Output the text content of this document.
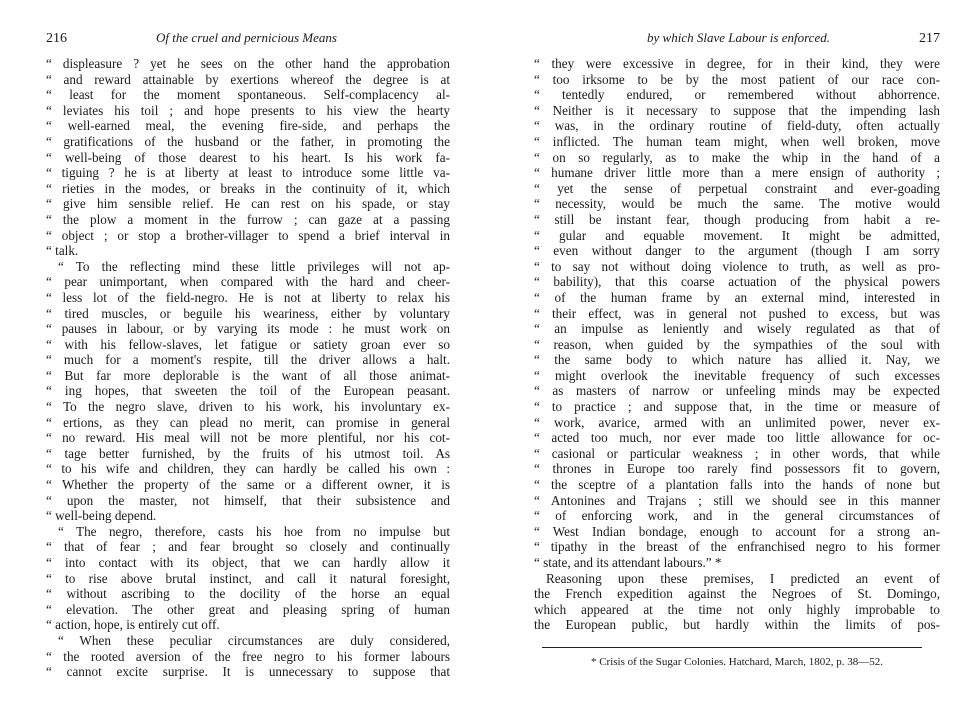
216	Of the cruel and pernicious Means
“ displeasure ? yet he sees on the other hand the approbation
“ and reward attainable by exertions whereof the degree is at
“ least for the moment spontaneous. Self-complacency al-
“ leviates his toil ; and hope presents to his view the hearty
“ well-earned meal, the evening fire-side, and perhaps the
“ gratifications of the husband or the father, in promoting the
“ well-being of those dearest to his heart. Is his work fa-
“ tiguing ? he is at liberty at least to introduce some little va-
“ rieties in the modes, or breaks in the continuity of it, which
“ give him sensible relief. He can rest on his spade, or stay
“ the plow a moment in the furrow ; can gaze at a passing
“ object ; or stop a brother-villager to spend a brief interval in
“ talk.
“ To the reflecting mind these little privileges will not ap-
“ pear unimportant, when compared with the hard and cheer-
“ less lot of the field-negro. He is not at liberty to relax his
“ tired muscles, or beguile his weariness, either by voluntary
“ pauses in labour, or by varying its mode : he must work on
“ with his fellow-slaves, let fatigue or satiety groan ever so
“ much for a moment's respite, till the driver allows a halt.
“ But far more deplorable is the want of all those animat-
“ ing hopes, that sweeten the toil of the European peasant.
“ To the negro slave, driven to his work, his involuntary ex-
“ ertions, as they can plead no merit, can promise in general
“ no reward. His meal will not be more plentiful, nor his cot-
“ tage better furnished, by the fruits of his utmost toil. As
“ to his wife and children, they can hardly be called his own :
“ Whether the property of the same or a different owner, it is
“ upon the master, not himself, that their subsistence and
“ well-being depend.
“ The negro, therefore, casts his hoe from no impulse but
“ that of fear ; and fear brought so closely and continually
“ into contact with its object, that we can hardly allow it
“ to rise above brutal instinct, and call it natural foresight,
“ without ascribing to the docility of the horse an equal
“ elevation. The other great and pleasing spring of human
“ action, hope, is entirely cut off.
“ When these peculiar circumstances are duly considered,
“ the rooted aversion of the free negro to his former labours
“ cannot excite surprise. It is unnecessary to suppose that
by which Slave Labour is enforced.	217
“ they were excessive in degree, for in their kind, they were
“ too irksome to be by the most patient of our race con-
“ tentedly endured, or remembered without abhorrence.
“ Neither is it necessary to suppose that the impending lash
“ was, in the ordinary routine of field-duty, often actually
“ inflicted. The human team might, when well broken, move
“ on so regularly, as to make the whip in the hand of a
“ humane driver little more than a mere ensign of authority ;
“ yet the sense of perpetual constraint and ever-goading
“ necessity, would be much the same. The motive would
“ still be instant fear, though producing from habit a re-
“ gular and equable movement. It might be admitted,
“ even without danger to the argument (though I am sorry
“ to say not without doing violence to truth, as well as pro-
“ bability), that this coarse actuation of the physical powers
“ of the human frame by an external mind, interested in
“ their effect, was in general not pushed to excess, but was
“ an impulse as leniently and wisely regulated as that of
“ reason, when guided by the sympathies of the soul with
“ the same body to which nature has allied it. Nay, we
“ might overlook the inevitable frequency of such excesses
“ as masters of narrow or unfeeling minds may be expected
“ to practice ; and suppose that, in the time or measure of
“ work, avarice, armed with an unlimited power, never ex-
“ acted too much, nor ever made too little allowance for oc-
“ casional or particular weakness ; in other words, that while
“ thrones in Europe too rarely find possessors fit to govern,
“ the sceptre of a plantation falls into the hands of none but
“ Antonines and Trajans ; still we should see in this manner
“ of enforcing work, and in the general circumstances of
“ West Indian bondage, enough to account for a strong an-
“ tipathy in the breast of the enfranchised negro to his former
“ state, and its attendant labours.” *
Reasoning upon these premises, I predicted an event of
the French expedition against the Negroes of St. Domingo,
which appeared at the time not only highly improbable to
the European public, but hardly within the limits of pos-
* Crisis of the Sugar Colonies. Hatchard, March, 1802, p. 38—52.
